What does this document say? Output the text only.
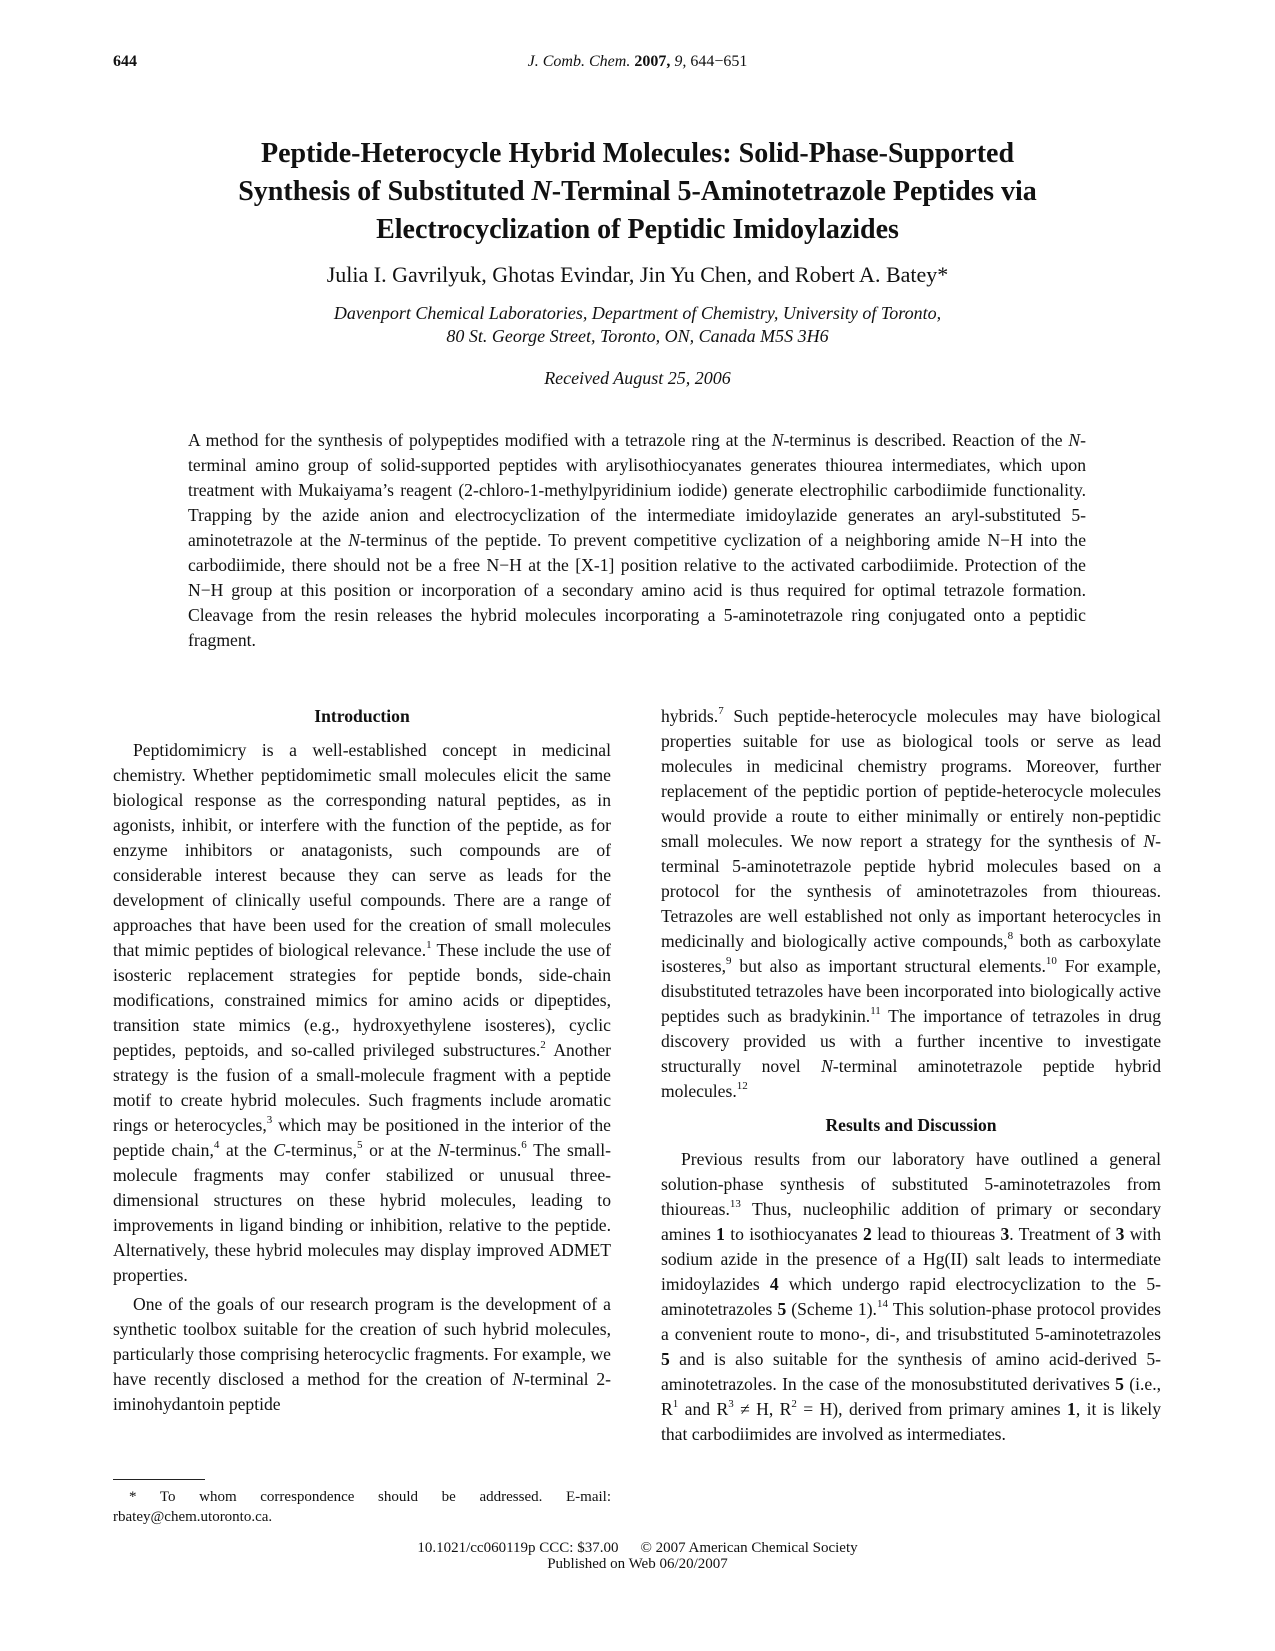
644	J. Comb. Chem. 2007, 9, 644−651
Peptide-Heterocycle Hybrid Molecules: Solid-Phase-Supported
Synthesis of Substituted N-Terminal 5-Aminotetrazole Peptides via
Electrocyclization of Peptidic Imidoylazides
Julia I. Gavrilyuk, Ghotas Evindar, Jin Yu Chen, and Robert A. Batey*
Davenport Chemical Laboratories, Department of Chemistry, University of Toronto,
80 St. George Street, Toronto, ON, Canada M5S 3H6
Received August 25, 2006

A method for the synthesis of polypeptides modified with a tetrazole ring at the N-terminus is described. Reaction of the N-terminal amino group of solid-supported peptides with arylisothiocyanates generates thiourea intermediates, which upon treatment with Mukaiyama’s reagent (2-chloro-1-methylpyridinium iodide) generate electrophilic carbodiimide functionality. Trapping by the azide anion and electrocyclization of the intermediate imidoylazide generates an aryl-substituted 5-aminotetrazole at the N-terminus of the peptide. To prevent competitive cyclization of a neighboring amide N−H into the carbodiimide, there should not be a free N−H at the [X-1] position relative to the activated carbodiimide. Protection of the N−H group at this position or incorporation of a secondary amino acid is thus required for optimal tetrazole formation. Cleavage from the resin releases the hybrid molecules incorporating a 5-aminotetrazole ring conjugated onto a peptidic fragment.

Introduction

Peptidomimicry is a well-established concept in medicinal chemistry. Whether peptidomimetic small molecules elicit the same biological response as the corresponding natural peptides, as in agonists, inhibit, or interfere with the function of the peptide, as for enzyme inhibitors or anatagonists, such compounds are of considerable interest because they can serve as leads for the development of clinically useful compounds. There are a range of approaches that have been used for the creation of small molecules that mimic peptides of biological relevance.$^1$ These include the use of isosteric replacement strategies for peptide bonds, side-chain modifications, constrained mimics for amino acids or dipeptides, transition state mimics (e.g., hydroxyethylene isosteres), cyclic peptides, peptoids, and so-called privileged substructures.$^2$ Another strategy is the fusion of a small-molecule fragment with a peptide motif to create hybrid molecules. Such fragments include aromatic rings or heterocycles,$^3$ which may be positioned in the interior of the peptide chain,$^4$ at the C-terminus,$^5$ or at the N-terminus.$^6$ The small-molecule fragments may confer stabilized or unusual three-dimensional structures on these hybrid molecules, leading to improvements in ligand binding or inhibition, relative to the peptide. Alternatively, these hybrid molecules may display improved ADMET properties.

One of the goals of our research program is the development of a synthetic toolbox suitable for the creation of such hybrid molecules, particularly those comprising heterocyclic fragments. For example, we have recently disclosed a method for the creation of N-terminal 2-iminohydantoin peptide

hybrids.$^7$ Such peptide-heterocycle molecules may have biological properties suitable for use as biological tools or serve as lead molecules in medicinal chemistry programs. Moreover, further replacement of the peptidic portion of peptide-heterocycle molecules would provide a route to either minimally or entirely non-peptidic small molecules. We now report a strategy for the synthesis of N-terminal 5-aminotetrazole peptide hybrid molecules based on a protocol for the synthesis of aminotetrazoles from thioureas. Tetrazoles are well established not only as important heterocycles in medicinally and biologically active compounds,$^8$ both as carboxylate isosteres,$^9$ but also as important structural elements.$^{10}$ For example, disubstituted tetrazoles have been incorporated into biologically active peptides such as bradykinin.$^{11}$ The importance of tetrazoles in drug discovery provided us with a further incentive to investigate structurally novel N-terminal aminotetrazole peptide hybrid molecules.$^{12}$

Results and Discussion

Previous results from our laboratory have outlined a general solution-phase synthesis of substituted 5-aminotetrazoles from thioureas.$^{13}$ Thus, nucleophilic addition of primary or secondary amines 1 to isothiocyanates 2 lead to thioureas 3. Treatment of 3 with sodium azide in the presence of a Hg(II) salt leads to intermediate imidoylazides 4 which undergo rapid electrocyclization to the 5-aminotetrazoles 5 (Scheme 1).$^{14}$ This solution-phase protocol provides a convenient route to mono-, di-, and trisubstituted 5-aminotetrazoles 5 and is also suitable for the synthesis of amino acid-derived 5-aminotetrazoles. In the case of the monosubstituted derivatives 5 (i.e., $R^1$ and $R^3 \ne H$, $R^2 = H$), derived from primary amines 1, it is likely that carbodiimides are involved as intermediates.

* To whom correspondence should be addressed. E-mail:
rbatey@chem.utoronto.ca.
10.1021/cc060119p CCC: $37.00 © 2007 American Chemical Society
Published on Web 06/20/2007
